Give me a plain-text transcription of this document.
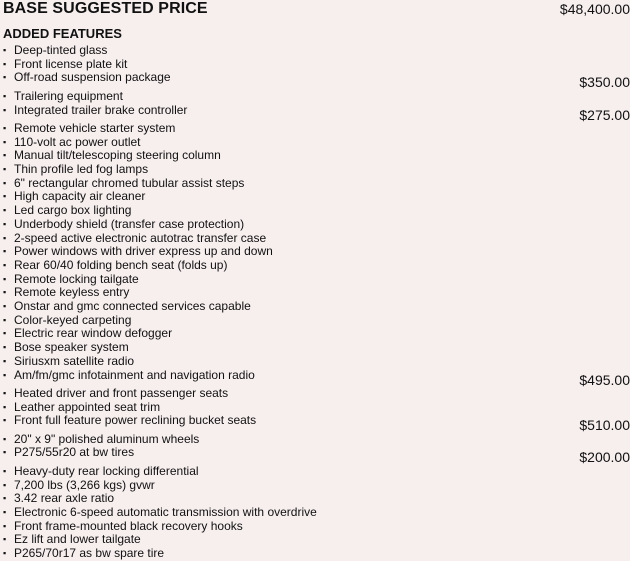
BASE SUGGESTED PRICE	$48,400.00
ADDED FEATURES
▪ Deep-tinted glass
▪ Front license plate kit
▪ Off-road suspension package	$350.00
▪ Trailering equipment
▪ Integrated trailer brake controller	$275.00
▪ Remote vehicle starter system
▪ 110-volt ac power outlet
▪ Manual tilt/telescoping steering column
▪ Thin profile led fog lamps
▪ 6" rectangular chromed tubular assist steps
▪ High capacity air cleaner
▪ Led cargo box lighting
▪ Underbody shield (transfer case protection)
▪ 2-speed active electronic autotrac transfer case
▪ Power windows with driver express up and down
▪ Rear 60/40 folding bench seat (folds up)
▪ Remote locking tailgate
▪ Remote keyless entry
▪ Onstar and gmc connected services capable
▪ Color-keyed carpeting
▪ Electric rear window defogger
▪ Bose speaker system
▪ Siriusxm satellite radio
▪ Am/fm/gmc infotainment and navigation radio	$495.00
▪ Heated driver and front passenger seats
▪ Leather appointed seat trim
▪ Front full feature power reclining bucket seats	$510.00
▪ 20" x 9" polished aluminum wheels
▪ P275/55r20 at bw tires	$200.00
▪ Heavy-duty rear locking differential
▪ 7,200 lbs (3,266 kgs) gvwr
▪ 3.42 rear axle ratio
▪ Electronic 6-speed automatic transmission with overdrive
▪ Front frame-mounted black recovery hooks
▪ Ez lift and lower tailgate
▪ P265/70r17 as bw spare tire
